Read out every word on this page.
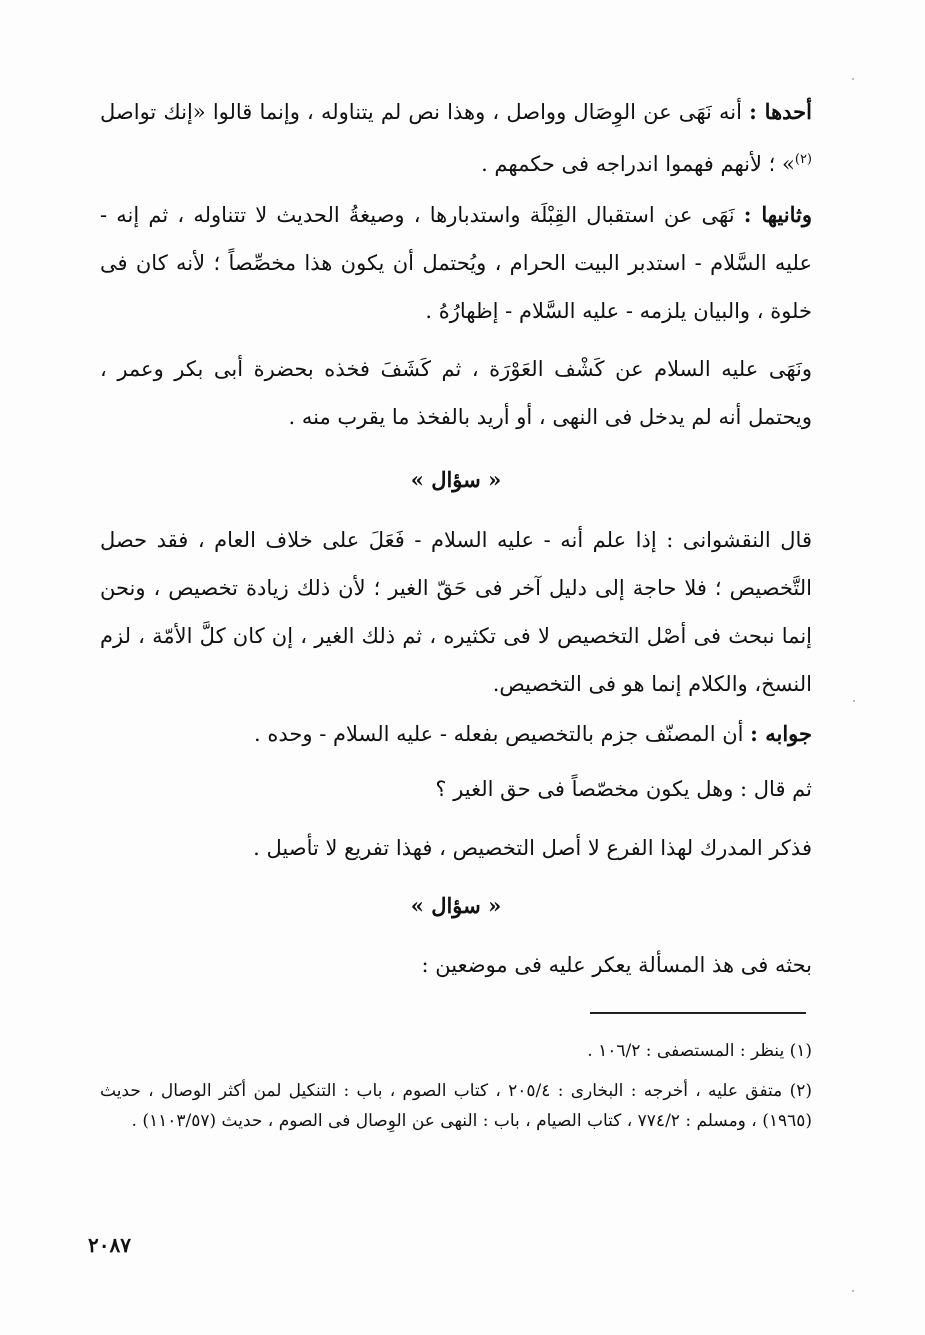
أحدها : أنه نَهَى عن الوِصَال وواصل ، وهذا نص لم يتناوله ، وإنما قالوا «إنك تواصل $^{(٢)}$» ؛ لأنهم فهموا اندراجه فى حكمهم .

وثانيها : نَهَى عن استقبال القِبْلَة واستدبارها ، وصيغةُ الحديث لا تتناوله ، ثم إنه - عليه السَّلام - استدبر البيت الحرام ، ويُحتمل أن يكون هذا مخصِّصاً ؛ لأنه كان فى خلوة ، والبيان يلزمه - عليه السَّلام - إظهارُهُ .

ونَهَى عليه السلام عن كَشْف العَوْرَة ، ثم كَشَفَ فخذه بحضرة أبى بكر وعمر ، ويحتمل أنه لم يدخل فى النهى ، أو أريد بالفخذ ما يقرب منه .

« سؤال »

قال النقشوانى : إذا علم أنه - عليه السلام - فَعَلَ على خلاف العام ، فقد حصل التَّخصيص ؛ فلا حاجة إلى دليل آخر فى حَقّ الغير ؛ لأن ذلك زيادة تخصيص ، ونحن إنما نبحث فى أصْل التخصيص لا فى تكثيره ، ثم ذلك الغير ، إن كان كلَّ الأمّة ، لزم النسخ، والكلام إنما هو فى التخصيص.

جوابه : أن المصنّف جزم بالتخصيص بفعله - عليه السلام - وحده .

ثم قال : وهل يكون مخصّصاً فى حق الغير ؟

فذكر المدرك لهذا الفرع لا أصل التخصيص ، فهذا تفريع لا تأصيل .

« سؤال »

بحثه فى هذ المسألة يعكر عليه فى موضعين :

(١) ينظر : المستصفى : ١٠٦/٢ .

(٢) متفق عليه ، أخرجه : البخارى : ٢٠٥/٤ ، كتاب الصوم ، باب : التنكيل لمن أكثر الوصال ، حديث (١٩٦٥) ، ومسلم : ٧٧٤/٢ ، كتاب الصيام ، باب : النهى عن الوِصال فى الصوم ، حديث (١١٠٣/٥٧) .

٢٠٨٧
